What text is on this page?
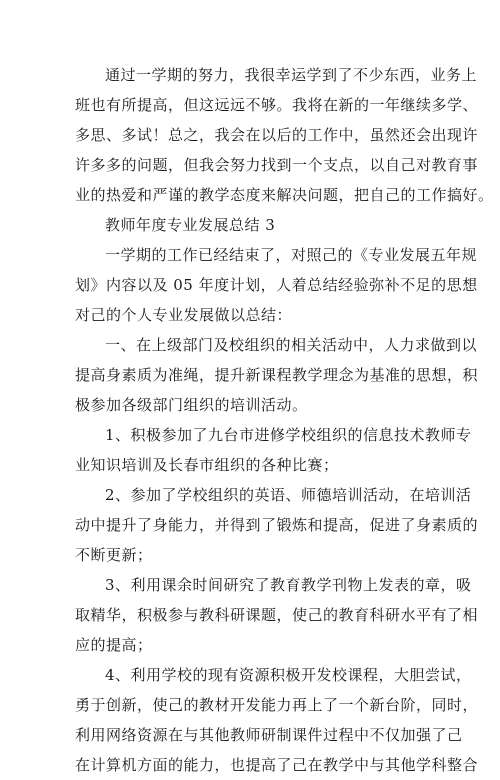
通过一学期的努力，我很幸运学到了不少东西，业务上
班也有所提高，但这远远不够。我将在新的一年继续多学、
多思、多试！总之，我会在以后的工作中，虽然还会出现许
许多多的问题，但我会努力找到一个支点，以自己对教育事
业的热爱和严谨的教学态度来解决问题，把自己的工作搞好。
教师年度专业发展总结 3
一学期的工作已经结束了，对照己的《专业发展五年规
划》内容以及 05 年度计划，人着总结经验弥补不足的思想
对己的个人专业发展做以总结：
一、在上级部门及校组织的相关活动中，人力求做到以
提高身素质为准绳，提升新课程教学理念为基准的思想，积
极参加各级部门组织的培训活动。
1、积极参加了九台市进修学校组织的信息技术教师专
业知识培训及长春市组织的各种比赛；
2、参加了学校组织的英语、师德培训活动，在培训活
动中提升了身能力，并得到了锻炼和提高，促进了身素质的
不断更新；
3、利用课余时间研究了教育教学刊物上发表的章，吸
取精华，积极参与教科研课题，使己的教育科研水平有了相
应的提高；
4、利用学校的现有资源积极开发校课程，大胆尝试，
勇于创新，使己的教材开发能力再上了一个新台阶，同时，
利用网络资源在与其他教师研制课件过程中不仅加强了己
在计算机方面的能力，也提高了己在教学中与其他学科整合
